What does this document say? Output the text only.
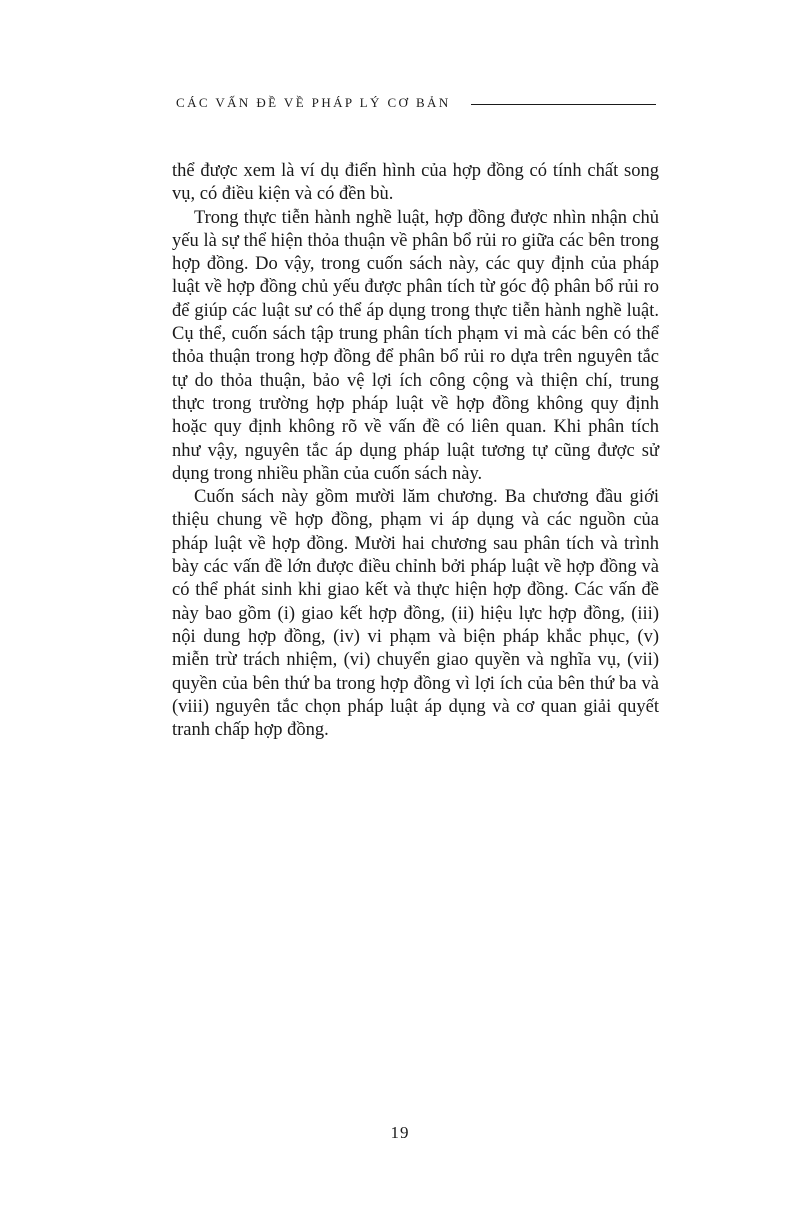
CÁC VẤN ĐỀ VỀ PHÁP LÝ CƠ BẢN

thể được xem là ví dụ điển hình của hợp đồng có tính chất song vụ, có điều kiện và có đền bù.

Trong thực tiễn hành nghề luật, hợp đồng được nhìn nhận chủ yếu là sự thể hiện thỏa thuận về phân bổ rủi ro giữa các bên trong hợp đồng. Do vậy, trong cuốn sách này, các quy định của pháp luật về hợp đồng chủ yếu được phân tích từ góc độ phân bổ rủi ro để giúp các luật sư có thể áp dụng trong thực tiễn hành nghề luật. Cụ thể, cuốn sách tập trung phân tích phạm vi mà các bên có thể thỏa thuận trong hợp đồng để phân bổ rủi ro dựa trên nguyên tắc tự do thỏa thuận, bảo vệ lợi ích công cộng và thiện chí, trung thực trong trường hợp pháp luật về hợp đồng không quy định hoặc quy định không rõ về vấn đề có liên quan. Khi phân tích như vậy, nguyên tắc áp dụng pháp luật tương tự cũng được sử dụng trong nhiều phần của cuốn sách này.

Cuốn sách này gồm mười lăm chương. Ba chương đầu giới thiệu chung về hợp đồng, phạm vi áp dụng và các nguồn của pháp luật về hợp đồng. Mười hai chương sau phân tích và trình bày các vấn đề lớn được điều chỉnh bởi pháp luật về hợp đồng và có thể phát sinh khi giao kết và thực hiện hợp đồng. Các vấn đề này bao gồm (i) giao kết hợp đồng, (ii) hiệu lực hợp đồng, (iii) nội dung hợp đồng, (iv) vi phạm và biện pháp khắc phục, (v) miễn trừ trách nhiệm, (vi) chuyển giao quyền và nghĩa vụ, (vii) quyền của bên thứ ba trong hợp đồng vì lợi ích của bên thứ ba và (viii) nguyên tắc chọn pháp luật áp dụng và cơ quan giải quyết tranh chấp hợp đồng.

19
